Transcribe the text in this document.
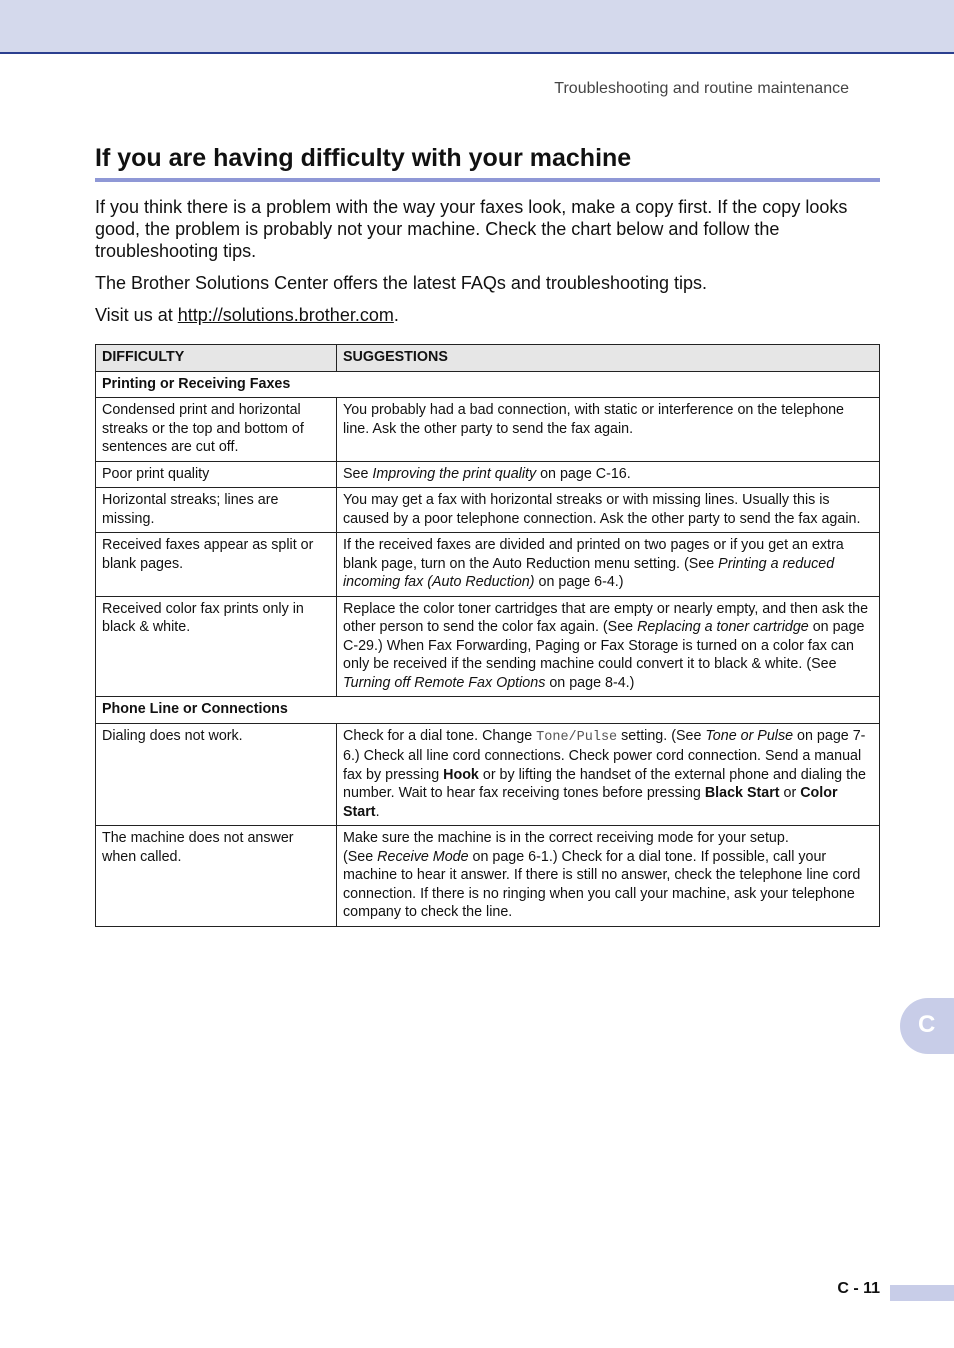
Troubleshooting and routine maintenance
If you are having difficulty with your machine

If you think there is a problem with the way your faxes look, make a copy first. If the copy looks good, the problem is probably not your machine. Check the chart below and follow the troubleshooting tips.

The Brother Solutions Center offers the latest FAQs and troubleshooting tips.

Visit us at http://solutions.brother.com.

DIFFICULTY	SUGGESTIONS
Printing or Receiving Faxes	
Condensed print and horizontal streaks or the top and bottom of sentences are cut off.	You probably had a bad connection, with static or interference on the telephone line. Ask the other party to send the fax again.
Poor print quality	See Improving the print quality on page C-16.
Horizontal streaks; lines are missing.	You may get a fax with horizontal streaks or with missing lines. Usually this is caused by a poor telephone connection. Ask the other party to send the fax again.
Received faxes appear as split or blank pages.	If the received faxes are divided and printed on two pages or if you get an extra blank page, turn on the Auto Reduction menu setting. (See Printing a reduced incoming fax (Auto Reduction) on page 6-4.)
Received color fax prints only in black & white.	Replace the color toner cartridges that are empty or nearly empty, and then ask the other person to send the color fax again. (See Replacing a toner cartridge on page C-29.) When Fax Forwarding, Paging or Fax Storage is turned on a color fax can only be received if the sending machine could convert it to black & white. (See Turning off Remote Fax Options on page 8-4.)
Phone Line or Connections	
Dialing does not work.	Check for a dial tone. Change Tone/Pulse setting. (See Tone or Pulse on page 7-6.) Check all line cord connections. Check power cord connection. Send a manual fax by pressing Hook or by lifting the handset of the external phone and dialing the number. Wait to hear fax receiving tones before pressing Black Start or Color Start.
The machine does not answer when called.	Make sure the machine is in the correct receiving mode for your setup.
(See Receive Mode on page 6-1.) Check for a dial tone. If possible, call your machine to hear it answer. If there is still no answer, check the telephone line cord connection. If there is no ringing when you call your machine, ask your telephone company to check the line.
C
C - 11
